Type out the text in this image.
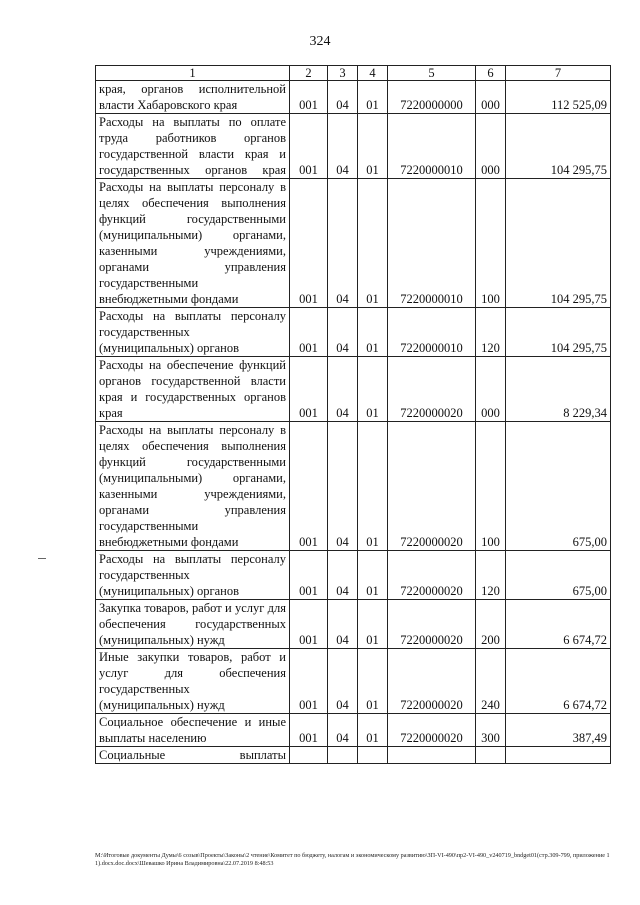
324
1	2	3	4	5	6	7
края, органов исполнительной власти Хабаровского края	001	04	01	7220000000	000	112 525,09
Расходы на выплаты по оплате труда работников органов государственной власти края и государственных органов края	001	04	01	7220000010	000	104 295,75
Расходы на выплаты персоналу в целях обеспечения выполнения функций государственными (муниципальными) органами, казенными учреждениями, органами управления государственными внебюджетными фондами	001	04	01	7220000010	100	104 295,75
Расходы на выплаты персоналу государственных (муниципальных) органов	001	04	01	7220000010	120	104 295,75
Расходы на обеспечение функций органов государственной власти края и государственных органов края	001	04	01	7220000020	000	8 229,34
Расходы на выплаты персоналу в целях обеспечения выполнения функций государственными (муниципальными) органами, казенными учреждениями, органами управления государственными внебюджетными фондами	001	04	01	7220000020	100	675,00
Расходы на выплаты персоналу государственных (муниципальных) органов	001	04	01	7220000020	120	675,00
Закупка товаров, работ и услуг для обеспечения государственных (муниципальных) нужд	001	04	01	7220000020	200	6 674,72
Иные закупки товаров, работ и услуг для обеспечения государственных (муниципальных) нужд	001	04	01	7220000020	240	6 674,72
Социальное обеспечение и иные выплаты населению	001	04	01	7220000020	300	387,49
Социальные выплаты						
M:\Итоговые документы Думы\6 созыв\Проекты\Законы\2 чтение\Комитет по бюджету, налогам и экономическому развитию\ЗП-VI-490\пр2-VI-490_v240719_bndget01(стр.309-799, приложение 11).docx.doc.docx\Шевашко Ирина Владимировна\22.07.2019 8:48:53
